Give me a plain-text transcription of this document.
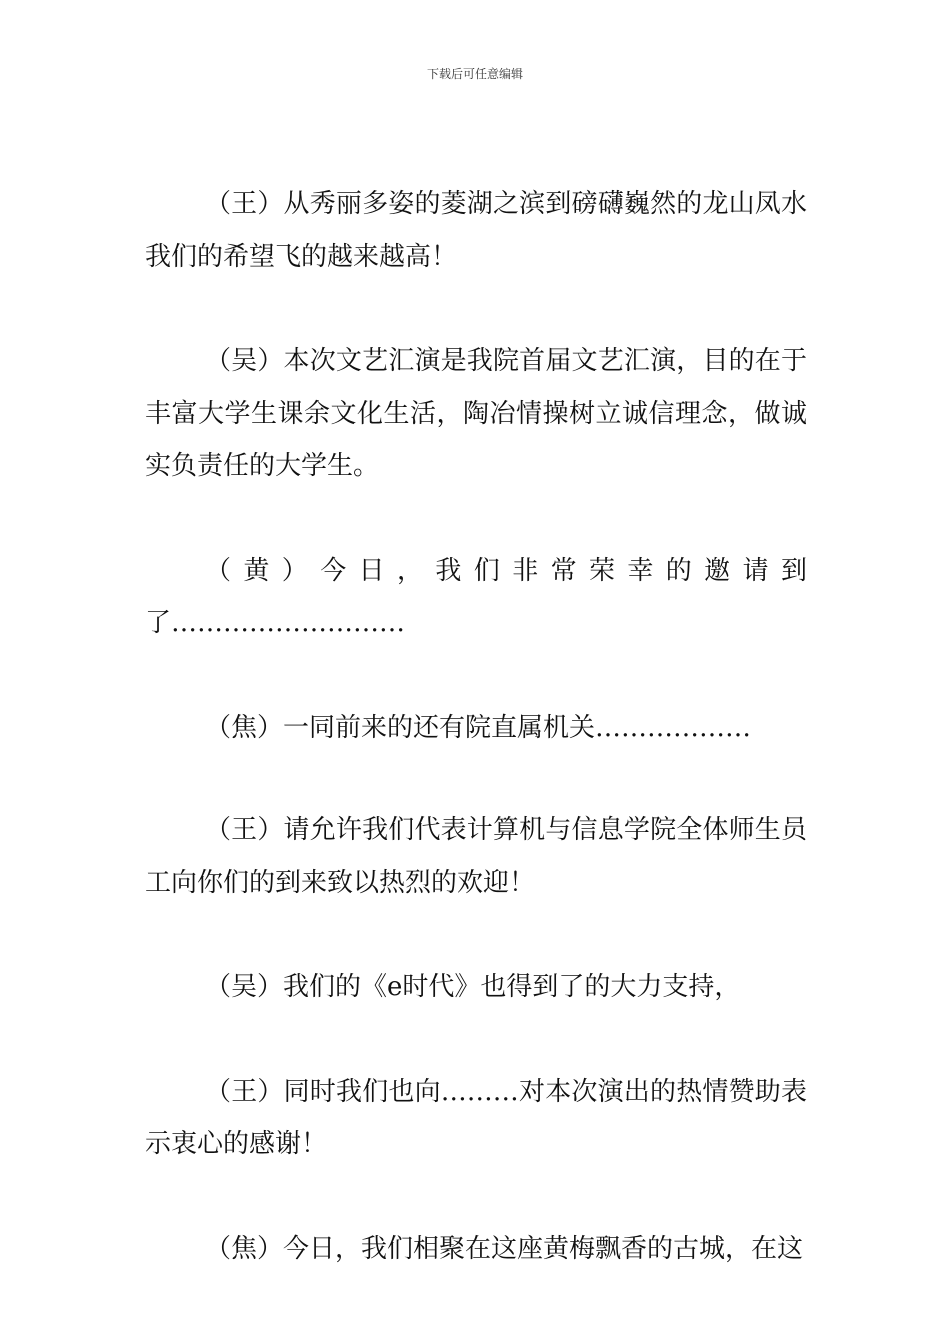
下载后可任意编辑

（王）从秀丽多姿的菱湖之滨到磅礴巍然的龙山凤水我们的希望飞的越来越高！

（吴）本次文艺汇演是我院首届文艺汇演，目的在于丰富大学生课余文化生活，陶冶情操树立诚信理念，做诚实负责任的大学生。

（黄）今日，我们非常荣幸的邀请到了………………………

（焦）一同前来的还有院直属机关………………

（王）请允许我们代表计算机与信息学院全体师生员工向你们的到来致以热烈的欢迎！

（吴）我们的《e时代》也得到了的大力支持，

（王）同时我们也向………对本次演出的热情赞助表示衷心的感谢！

（焦）今日，我们相聚在这座黄梅飘香的古城，在这
